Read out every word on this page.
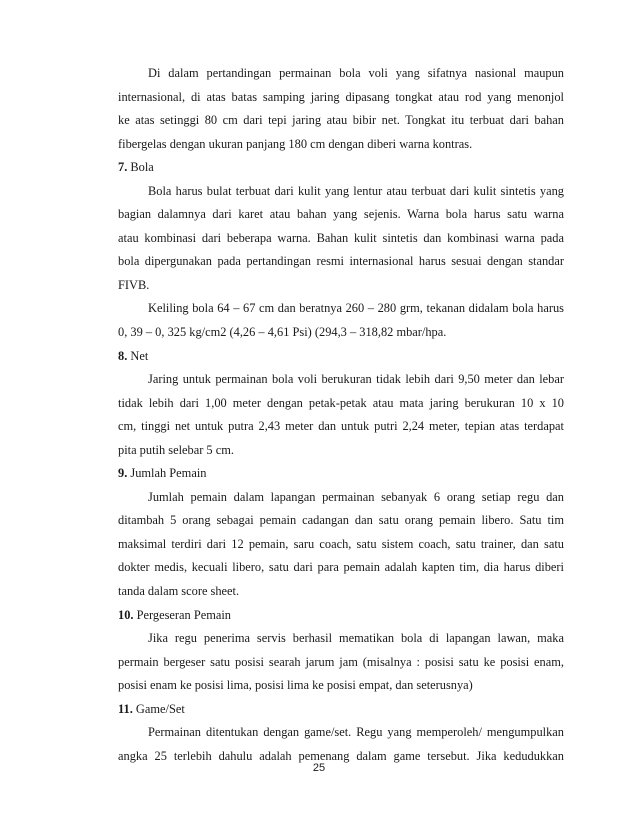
Di dalam pertandingan permainan bola voli yang sifatnya nasional maupun
internasional, di atas batas samping jaring dipasang tongkat atau rod yang menonjol
ke atas setinggi 80 cm dari tepi jaring atau bibir net. Tongkat itu terbuat dari bahan
fibergelas dengan ukuran panjang 180 cm dengan diberi warna kontras.
7. Bola
Bola harus bulat terbuat dari kulit yang lentur atau terbuat dari kulit sintetis yang
bagian dalamnya dari karet atau bahan yang sejenis. Warna bola harus satu warna
atau kombinasi dari beberapa warna. Bahan kulit sintetis dan kombinasi warna pada
bola dipergunakan pada pertandingan resmi internasional harus sesuai dengan standar
FIVB.
Keliling bola 64 – 67 cm dan beratnya 260 – 280 grm, tekanan didalam bola harus
0, 39 – 0, 325 kg/cm2 (4,26 – 4,61 Psi) (294,3 – 318,82 mbar/hpa.
8. Net
Jaring untuk permainan bola voli berukuran tidak lebih dari 9,50 meter dan lebar
tidak lebih dari 1,00 meter dengan petak-petak atau mata jaring berukuran 10 x 10
cm, tinggi net untuk putra 2,43 meter dan untuk putri 2,24 meter, tepian atas terdapat
pita putih selebar 5 cm.
9. Jumlah Pemain
Jumlah pemain dalam lapangan permainan sebanyak 6 orang setiap regu dan
ditambah 5 orang sebagai pemain cadangan dan satu orang pemain libero. Satu tim
maksimal terdiri dari 12 pemain, saru coach, satu sistem coach, satu trainer, dan satu
dokter medis, kecuali libero, satu dari para pemain adalah kapten tim, dia harus diberi
tanda dalam score sheet.
10. Pergeseran Pemain
Jika regu penerima servis berhasil mematikan bola di lapangan lawan, maka
permain bergeser satu posisi searah jarum jam (misalnya : posisi satu ke posisi enam,
posisi enam ke posisi lima, posisi lima ke posisi empat, dan seterusnya)
11. Game/Set
Permainan ditentukan dengan game/set. Regu yang memperoleh/ mengumpulkan
angka 25 terlebih dahulu adalah pemenang dalam game tersebut. Jika kedudukkan
25
